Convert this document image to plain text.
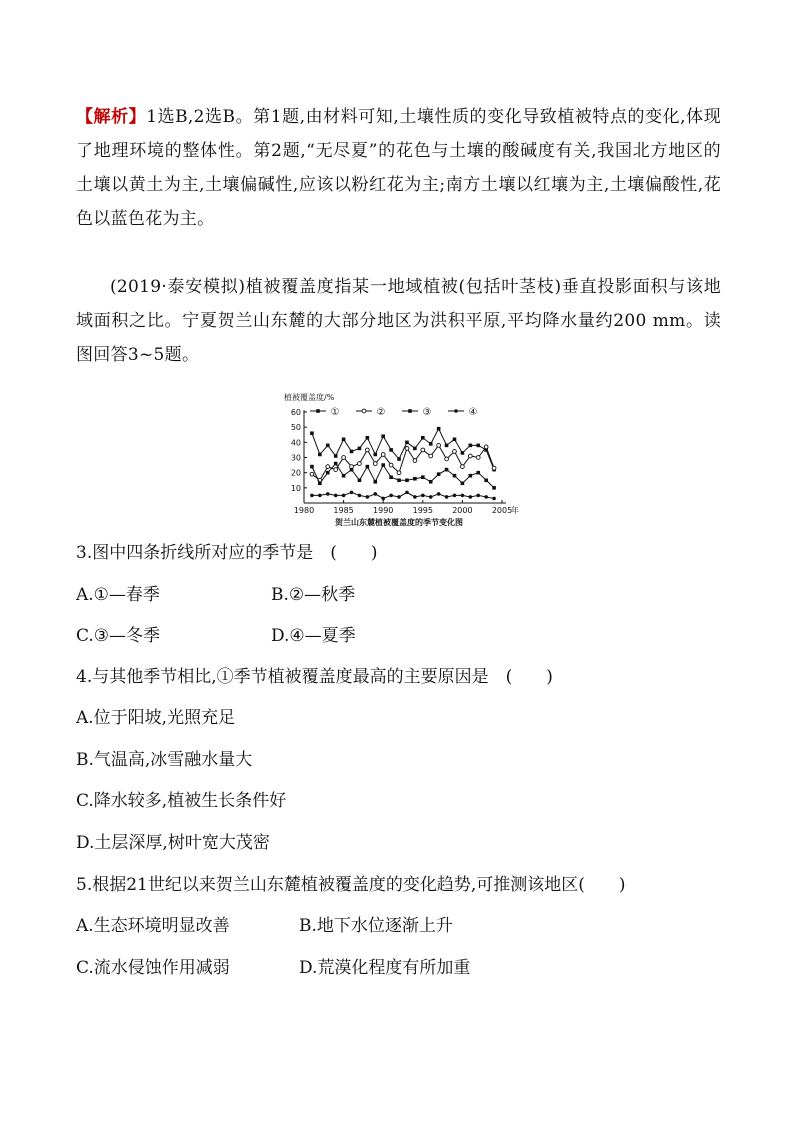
【解析】1选B,2选B。第1题,由材料可知,土壤性质的变化导致植被特点的变化,体现了地理环境的整体性。第2题,“无尽夏”的花色与土壤的酸碱度有关,我国北方地区的土壤以黄土为主,土壤偏碱性,应该以粉红花为主;南方土壤以红壤为主,土壤偏酸性,花色以蓝色花为主。

(2019·泰安模拟)植被覆盖度指某一地域植被(包括叶茎枝)垂直投影面积与该地域面积之比。宁夏贺兰山东麓的大部分地区为洪积平原,平均降水量约200 mm。读图回答3~5题。

60
50
40
30
20
10
1980 1985 1990 1995 2000 2005
年
植被覆盖度/%
贺兰山东麓植被覆盖度的季节变化图
①	②	③	④

3.图中四条折线所对应的季节是　(　　)

A.①—春季	B.②—秋季

C.③—冬季	D.④—夏季

4.与其他季节相比,①季节植被覆盖度最高的主要原因是　(　　)

A.位于阳坡,光照充足

B.气温高,冰雪融水量大

C.降水较多,植被生长条件好

D.土层深厚,树叶宽大茂密

5.根据21世纪以来贺兰山东麓植被覆盖度的变化趋势,可推测该地区(　　)

A.生态环境明显改善	B.地下水位逐渐上升

C.流水侵蚀作用减弱	D.荒漠化程度有所加重
